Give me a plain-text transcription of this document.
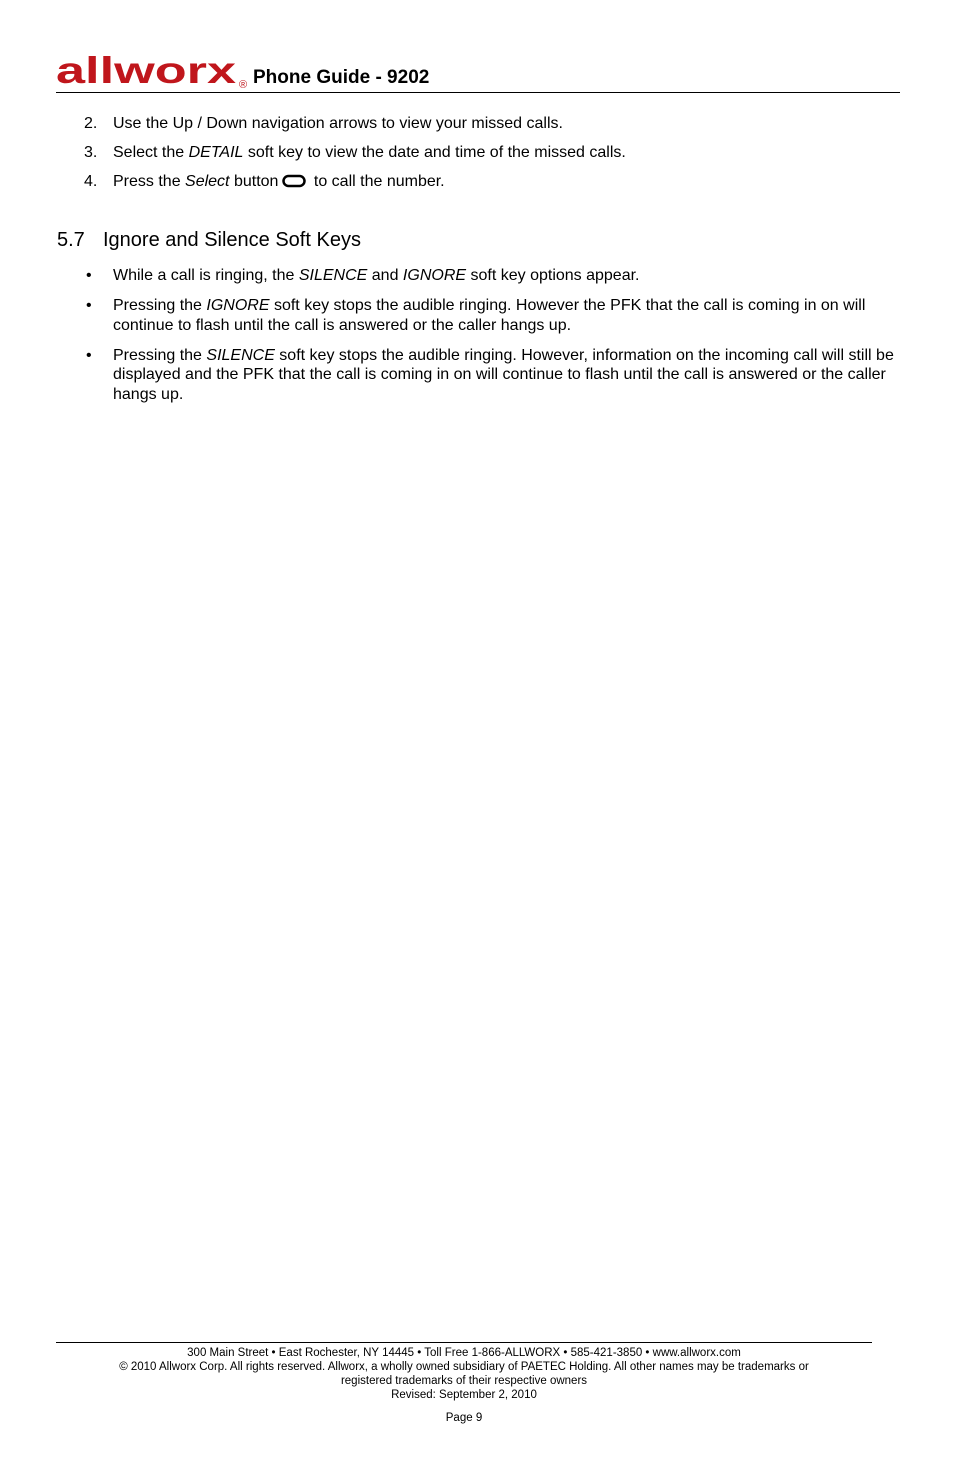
allworx ® Phone Guide - 9202
2. Use the Up / Down navigation arrows to view your missed calls.
3. Select the DETAIL soft key to view the date and time of the missed calls.
4. Press the Select button to call the number.
5.7 Ignore and Silence Soft Keys
• While a call is ringing, the SILENCE and IGNORE soft key options appear.
• Pressing the IGNORE soft key stops the audible ringing. However the PFK that the call is coming in on will continue to flash until the call is answered or the caller hangs up.
• Pressing the SILENCE soft key stops the audible ringing. However, information on the incoming call will still be displayed and the PFK that the call is coming in on will continue to flash until the call is answered or the caller hangs up.
300 Main Street • East Rochester, NY 14445 • Toll Free 1-866-ALLWORX • 585-421-3850 • www.allworx.com
© 2010 Allworx Corp. All rights reserved. Allworx, a wholly owned subsidiary of PAETEC Holding. All other names may be trademarks or
registered trademarks of their respective owners
Revised: September 2, 2010
Page 9
